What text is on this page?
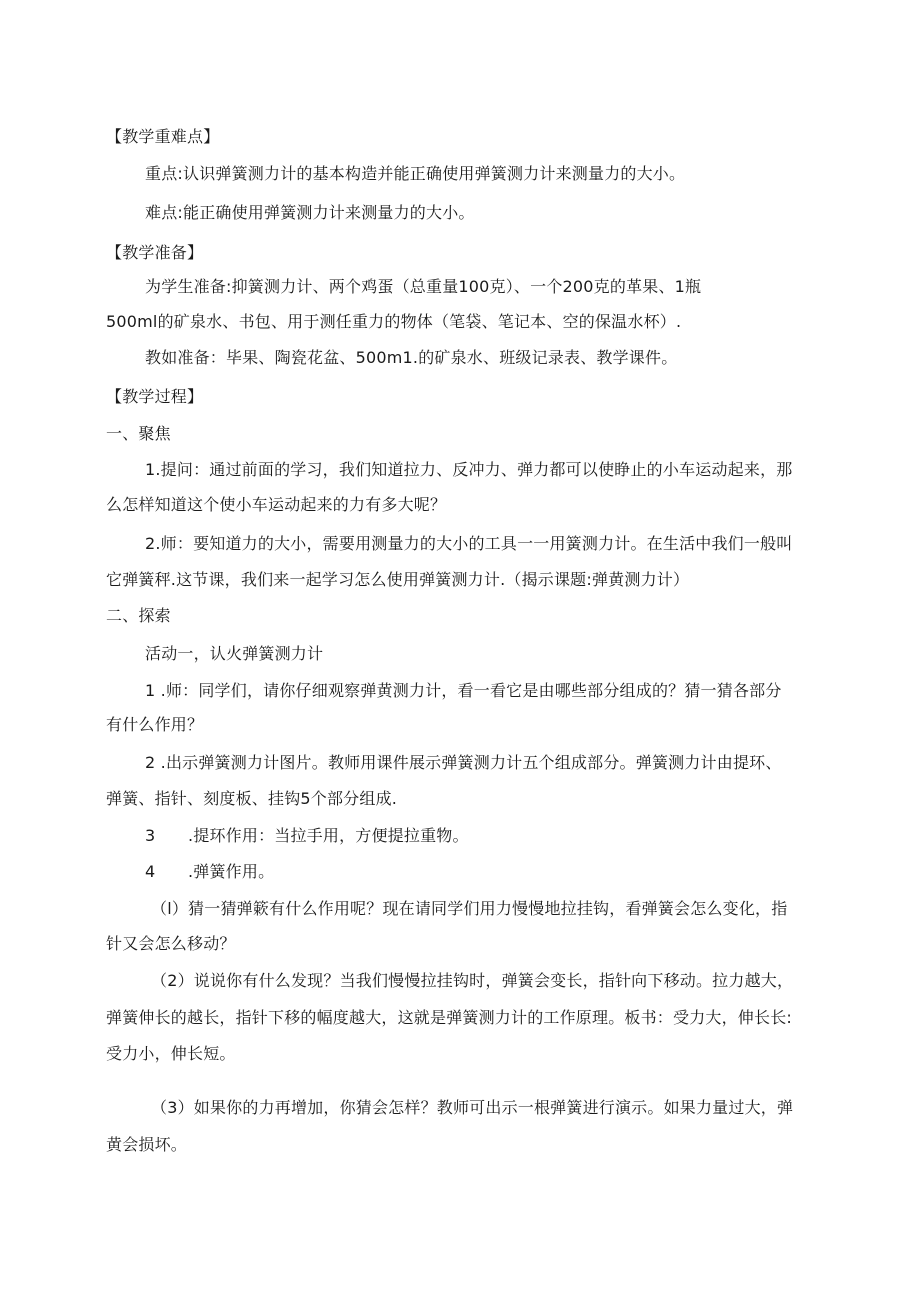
【教学重难点】
重点:认识弹簧测力计的基本构造并能正确使用弹簧测力计来测量力的大小。
难点:能正确使用弹簧测力计来测量力的大小。
【教学准备】
为学生准备:抑簧测力计、两个鸡蛋（总重量100克）、一个200克的革果、1瓶
500ml的矿泉水、书包、用于测任重力的物体（笔袋、笔记本、空的保温水杯）.
教如准备：毕果、陶瓷花盆、500m1.的矿泉水、班级记录表、教学课件。
【教学过程】
一、聚焦
1.提问：通过前面的学习，我们知道拉力、反冲力、弹力都可以使睁止的小车运动起来，那
么怎样知道这个使小车运动起来的力有多大呢？
2.师：要知道力的大小，需要用测量力的大小的工具一一用簧测力计。在生活中我们一般叫
它弹簧秤.这节课，我们来一起学习怎么使用弹簧测力计.（揭示课题:弹黄测力计）
二、探索
活动一，认火弹簧测力计
1 .师：同学们，请你仔细观察弹黄测力计，看一看它是由哪些部分组成的？猜一猜各部分
有什么作用？
2 .出示弹簧测力计图片。教师用课件展示弹簧测力计五个组成部分。弹簧测力计由提环、
弹簧、指针、刻度板、挂钩5个部分组成.
3 .提环作用：当拉手用，方便提拉重物。
4 .弹簧作用。
（l）猜一猜弹簌有什么作用呢？现在请同学们用力慢慢地拉挂钩，看弹簧会怎么变化，指
针又会怎么移动？
（2）说说你有什么发现？当我们慢慢拉挂钩时，弹簧会变长，指针向下移动。拉力越大，
弹簧伸长的越长，指针下移的幅度越大，这就是弹簧测力计的工作原理。板书：受力大，伸长长:
受力小，伸长短。
（3）如果你的力再增加，你猜会怎样？教师可出示一根弹簧进行演示。如果力量过大，弹
黄会损坏。
